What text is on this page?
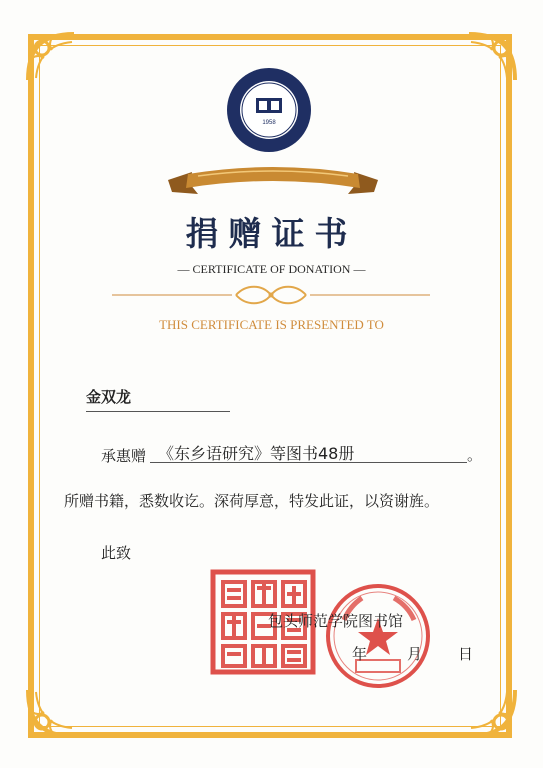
1958
捐赠证书
— CERTIFICATE OF DONATION —
THIS CERTIFICATE IS PRESENTED TO
金双龙
承惠赠 《东乡语研究》等图书48册	。
所赠书籍，悉数收讫。深荷厚意，特发此证，以资谢旌。
此致
包头师范学院图书馆
年	月 日
